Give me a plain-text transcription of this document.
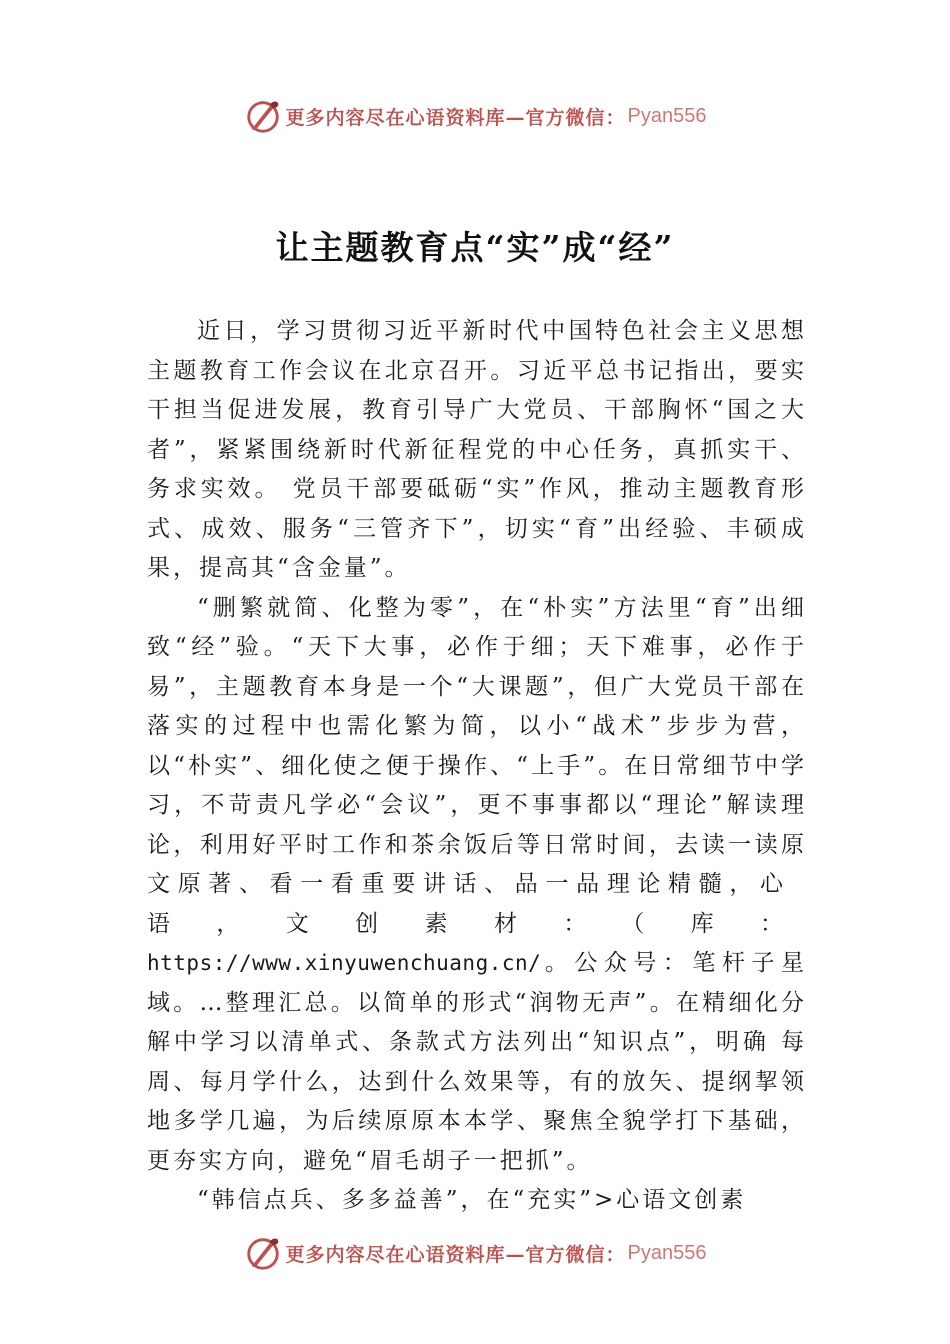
更多内容尽在心语资料库—官方微信： Pyan556
让主题教育点“实”成“经”

近日，学习贯彻习近平新时代中国特色社会主义思想主题教育工作会议在北京召开。习近平总书记指出，要实干担当促进发展，教育引导广大党员、干部胸怀“国之大者”，紧紧围绕新时代新征程党的中心任务，真抓实干、务求实效。 党员干部要砥砺“实”作风，推动主题教育形式、成效、服务“三管齐下”，切实“育”出经验、丰硕成果，提高其“含金量”。

“删繁就简、化整为零”，在“朴实”方法里“育”出细致“经”验。“天下大事，必作于细；天下难事，必作于易”，主题教育本身是一个“大课题”，但广大党员干部在落实的过程中也需化繁为简，以小“战术”步步为营，以“朴实”、细化使之便于操作、“上手”。在日常细节中学习，不苛责凡学必“会议”，更不事事都以“理论”解读理论，利用好平时工作和茶余饭后等日常时间，去读一读原文原著、看一看重要讲话、品一品理论精髓，心语，文创素材：（库：https://www.xinyuwenchuang.cn/。公众号：笔杆子星域。…整理汇总。以简单的形式“润物无声”。在精细化分解中学习以清单式、条款式方法列出“知识点”，明确 每周、每月学什么，达到什么效果等，有的放矢、提纲挈领地多学几遍，为后续原原本本学、聚焦全貌学打下基础，更夯实方向，避免“眉毛胡子一把抓”。

“韩信点兵、多多益善”，在“充实”>心语文创素

更多内容尽在心语资料库—官方微信： Pyan556
